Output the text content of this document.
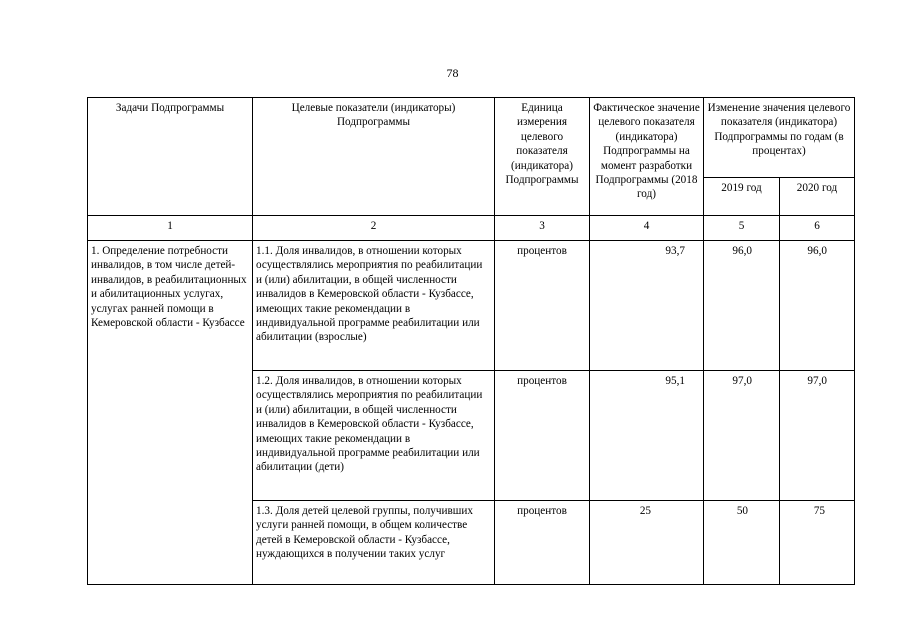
78
Задачи Подпрограммы	Целевые показатели (индикаторы) Подпрограммы	Единица измерения целевого показателя (индикатора) Подпрограммы	Фактическое значение целевого показателя (индикатора) Подпрограммы на момент разработки Подпрограммы (2018 год)	Изменение значения целевого показателя (индикатора) Подпрограммы по годам (в процентах)	
				2019 год	2020 год
1	2	3	4	5	6
1. Определение потребности инвалидов, в том числе детей-инвалидов, в реабилитационных и абилитационных услугах, услугах ранней помощи в Кемеровской области - Кузбассе	1.1. Доля инвалидов, в отношении которых осуществлялись мероприятия по реабилитации и (или) абилитации, в общей численности инвалидов в Кемеровской области - Кузбассе, имеющих такие рекомендации в индивидуальной программе реабилитации или абилитации (взрослые)	процентов	93,7	96,0	96,0
	1.2. Доля инвалидов, в отношении которых осуществлялись мероприятия по реабилитации и (или) абилитации, в общей численности инвалидов в Кемеровской области - Кузбассе, имеющих такие рекомендации в индивидуальной программе реабилитации или абилитации (дети)	процентов	95,1	97,0	97,0
	1.3. Доля детей целевой группы, получивших услуги ранней помощи, в общем количестве детей в Кемеровской области - Кузбассе, нуждающихся в получении таких услуг	процентов	25	50	75
